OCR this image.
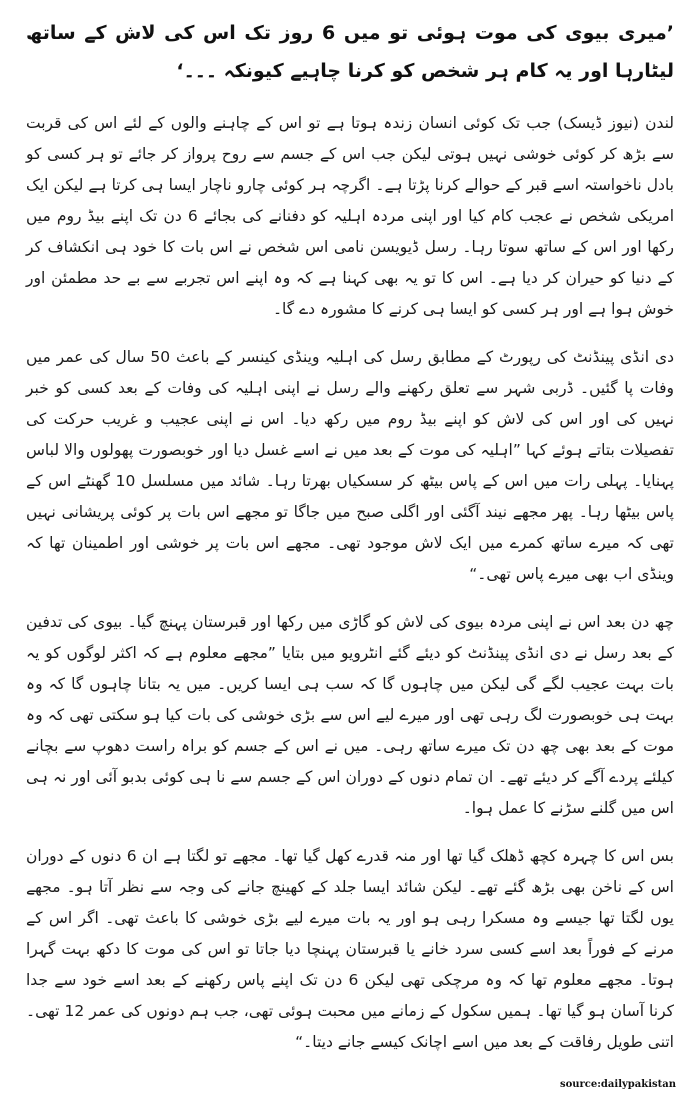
’میری بیوی کی موت ہوئی تو میں 6 روز تک اس کی لاش کے ساتھ لیٹارہا اور یہ کام ہر شخص کو کرنا چاہیے کیونکہ ۔۔۔‘

لندن (نیوز ڈیسک) جب تک کوئی انسان زندہ ہوتا ہے تو اس کے چاہنے والوں کے لئے اس کی قربت سے بڑھ کر کوئی خوشی نہیں ہوتی لیکن جب اس کے جسم سے روح پرواز کر جائے تو ہر کسی کو بادل ناخواستہ اسے قبر کے حوالے کرنا پڑتا ہے۔ اگرچہ ہر کوئی چارو ناچار ایسا ہی کرتا ہے لیکن ایک امریکی شخص نے عجب کام کیا اور اپنی مردہ اہلیہ کو دفنانے کی بجائے 6 دن تک اپنے بیڈ روم میں رکھا اور اس کے ساتھ سوتا رہا۔ رسل ڈیویسن نامی اس شخص نے اس بات کا خود ہی انکشاف کر کے دنیا کو حیران کر دیا ہے۔ اس کا تو یہ بھی کہنا ہے کہ وہ اپنے اس تجربے سے بے حد مطمئن اور خوش ہوا ہے اور ہر کسی کو ایسا ہی کرنے کا مشورہ دے گا۔

دی انڈی پینڈنٹ کی رپورٹ کے مطابق رسل کی اہلیہ وینڈی کینسر کے باعث 50 سال کی عمر میں وفات پا گئیں۔ ڈربی شہر سے تعلق رکھنے والے رسل نے اپنی اہلیہ کی وفات کے بعد کسی کو خبر نہیں کی اور اس کی لاش کو اپنے بیڈ روم میں رکھ دیا۔ اس نے اپنی عجیب و غریب حرکت کی تفصیلات بتاتے ہوئے کہا ”اہلیہ کی موت کے بعد میں نے اسے غسل دیا اور خوبصورت پھولوں والا لباس پہنایا۔ پہلی رات میں اس کے پاس بیٹھ کر سسکیاں بھرتا رہا۔ شائد میں مسلسل 10 گھنٹے اس کے پاس بیٹھا رہا۔ پھر مجھے نیند آگئی اور اگلی صبح میں جاگا تو مجھے اس بات پر کوئی پریشانی نہیں تھی کہ میرے ساتھ کمرے میں ایک لاش موجود تھی۔ مجھے اس بات پر خوشی اور اطمینان تھا کہ وینڈی اب بھی میرے پاس تھی۔“

چھ دن بعد اس نے اپنی مردہ بیوی کی لاش کو گاڑی میں رکھا اور قبرستان پہنچ گیا۔ بیوی کی تدفین کے بعد رسل نے دی انڈی پینڈنٹ کو دیئے گئے انٹرویو میں بتایا ”مجھے معلوم ہے کہ اکثر لوگوں کو یہ بات بہت عجیب لگے گی لیکن میں چاہوں گا کہ سب ہی ایسا کریں۔ میں یہ بتانا چاہوں گا کہ وہ بہت ہی خوبصورت لگ رہی تھی اور میرے لیے اس سے بڑی خوشی کی بات کیا ہو سکتی تھی کہ وہ موت کے بعد بھی چھ دن تک میرے ساتھ رہی۔ میں نے اس کے جسم کو براہ راست دھوپ سے بچانے کیلئے پردے آگے کر دیئے تھے۔ ان تمام دنوں کے دوران اس کے جسم سے نا ہی کوئی بدبو آئی اور نہ ہی اس میں گلنے سڑنے کا عمل ہوا۔

بس اس کا چہرہ کچھ ڈھلک گیا تھا اور منہ قدرے کھل گیا تھا۔ مجھے تو لگتا ہے ان 6 دنوں کے دوران اس کے ناخن بھی بڑھ گئے تھے۔ لیکن شائد ایسا جلد کے کھینچ جانے کی وجہ سے نظر آتا ہو۔ مجھے یوں لگتا تھا جیسے وہ مسکرا رہی ہو اور یہ بات میرے لیے بڑی خوشی کا باعث تھی۔ اگر اس کے مرنے کے فوراً بعد اسے کسی سرد خانے یا قبرستان پہنچا دیا جاتا تو اس کی موت کا دکھ بہت گہرا ہوتا۔ مجھے معلوم تھا کہ وہ مرچکی تھی لیکن 6 دن تک اپنے پاس رکھنے کے بعد اسے خود سے جدا کرنا آسان ہو گیا تھا۔ ہمیں سکول کے زمانے میں محبت ہوئی تھی، جب ہم دونوں کی عمر 12 تھی۔ اتنی طویل رفاقت کے بعد میں اسے اچانک کیسے جانے دیتا۔“

source:dailypakistan
